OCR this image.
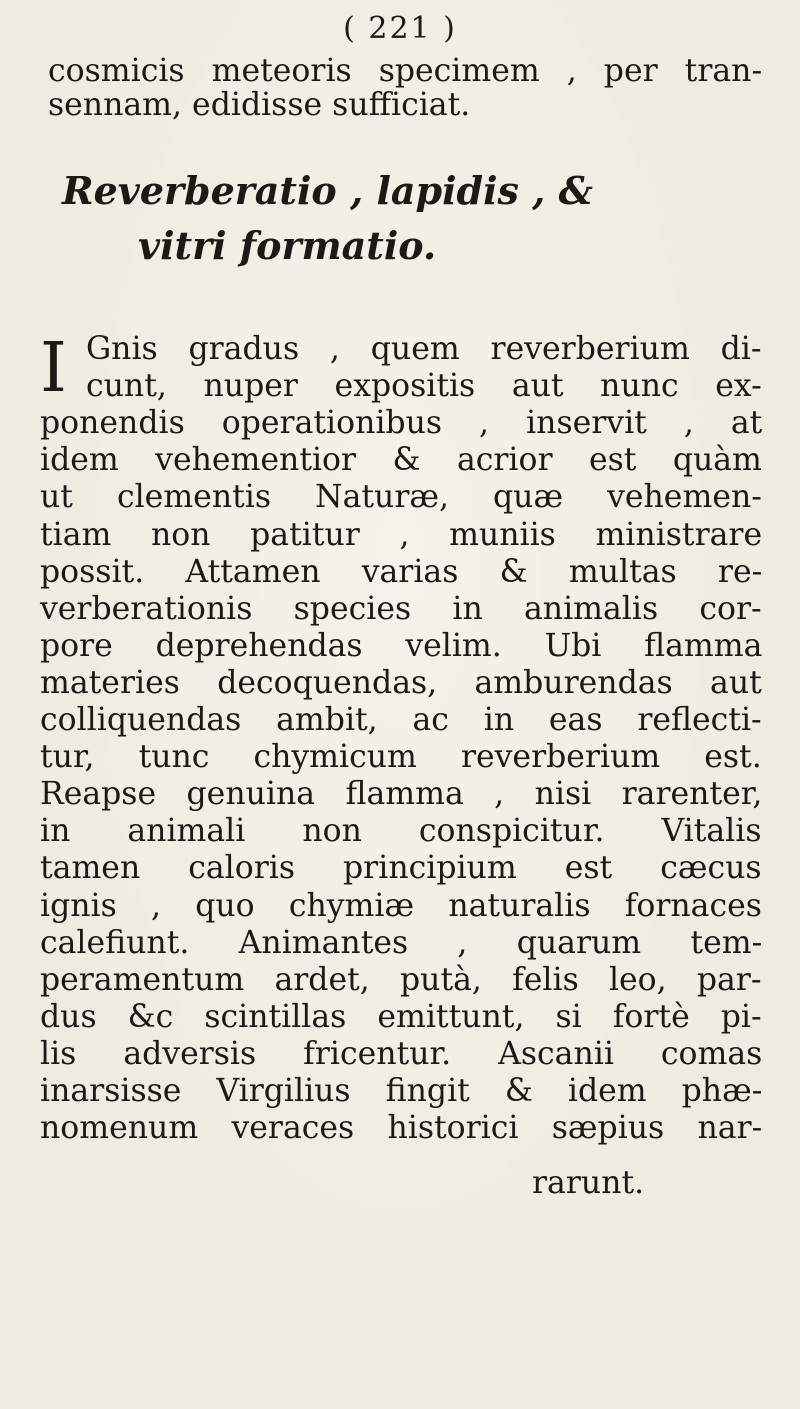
( 221 )
cosmicis meteoris specimem , per tran-
sennam, edidisse sufficiat.
Reverberatio , lapidis , &
vitri formatio.
I Gnis gradus , quem reverberium di-
cunt, nuper expositis aut nunc ex-
ponendis operationibus , inservit , at
idem vehementior & acrior est quàm
ut clementis Naturæ, quæ vehemen-
tiam non patitur , muniis ministrare
possit. Attamen varias & multas re-
verberationis species in animalis cor-
pore deprehendas velim. Ubi flamma
materies decoquendas, amburendas aut
colliquendas ambit, ac in eas reflecti-
tur, tunc chymicum reverberium est.
Reapse genuina flamma , nisi rarenter,
in animali non conspicitur. Vitalis
tamen caloris principium est cæcus
ignis , quo chymiæ naturalis fornaces
calefiunt. Animantes , quarum tem-
peramentum ardet, putà, felis leo, par-
dus &c scintillas emittunt, si fortè pi-
lis adversis fricentur. Ascanii comas
inarsisse Virgilius fingit & idem phæ-
nomenum veraces historici sæpius nar-
rarunt.
